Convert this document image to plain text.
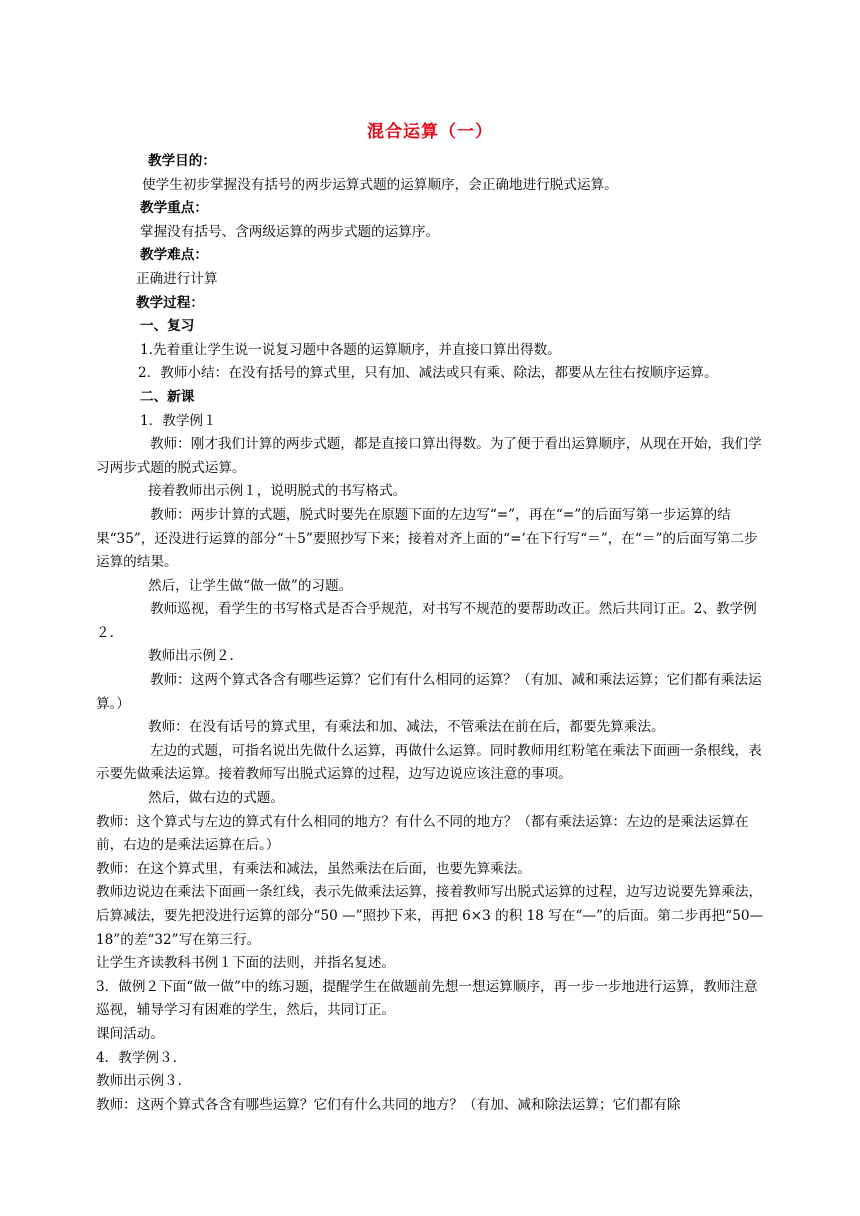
混合运算（一）

教学目的：

使学生初步掌握没有括号的两步运算式题的运算顺序，会正确地进行脱式运算。

教学重点：

掌握没有括号、含两级运算的两步式题的运算序。

教学难点：

正确进行计算

教学过程：

一、复习

1.先着重让学生说一说复习题中各题的运算顺序，并直接口算出得数。

2．教师小结：在没有括号的算式里，只有加、减法或只有乘、除法，都要从左往右按顺序运算。

二、新课

1．教学例１

教师：刚才我们计算的两步式题，都是直接口算出得数。为了便于看出运算顺序，从现在开始，我们学习两步式题的脱式运算。

接着教师出示例１，说明脱式的书写格式。

教师：两步计算的式题，脱式时要先在原题下面的左边写“=”，再在“=”的后面写第一步运算的结果“35”，还没进行运算的部分“＋5”要照抄写下来；接着对齐上面的“=’在下行写“＝”，在“＝”的后面写第二步运算的结果。

然后，让学生做“做一做”的习题。

教师巡视，看学生的书写格式是否合乎规范，对书写不规范的要帮助改正。然后共同订正。2、教学例２.

教师出示例２.

教师：这两个算式各含有哪些运算？它们有什么相同的运算？（有加、减和乘法运算；它们都有乘法运算。）

教师：在没有话号的算式里，有乘法和加、减法，不管乘法在前在后，都要先算乘法。

左边的式题，可指名说出先做什么运算，再做什么运算。同时教师用红粉笔在乘法下面画一条根线，表示要先做乘法运算。接着教师写出脱式运算的过程，边写边说应该注意的事项。

然后，做右边的式题。

教师：这个算式与左边的算式有什么相同的地方？有什么不同的地方？（都有乘法运算：左边的是乘法运算在前，右边的是乘法运算在后。）

教师：在这个算式里，有乘法和减法，虽然乘法在后面，也要先算乘法。

教师边说边在乘法下面画一条红线，表示先做乘法运算，接着教师写出脱式运算的过程，边写边说要先算乘法，后算减法，要先把没进行运算的部分“50 —”照抄下来，再把 6×3 的积 18 写在“—”的后面。第二步再把“50—18”的差“32”写在第三行。

让学生齐读教科书例１下面的法则，并指名复述。

3．做例２下面“做一做”中的练习题，提醒学生在做题前先想一想运算顺序，再一步一步地进行运算，教师注意巡视，辅导学习有困难的学生，然后，共同订正。

课间活动。

4．教学例３.

教师出示例３.

教师：这两个算式各含有哪些运算？它们有什么共同的地方？（有加、减和除法运算；它们都有除
